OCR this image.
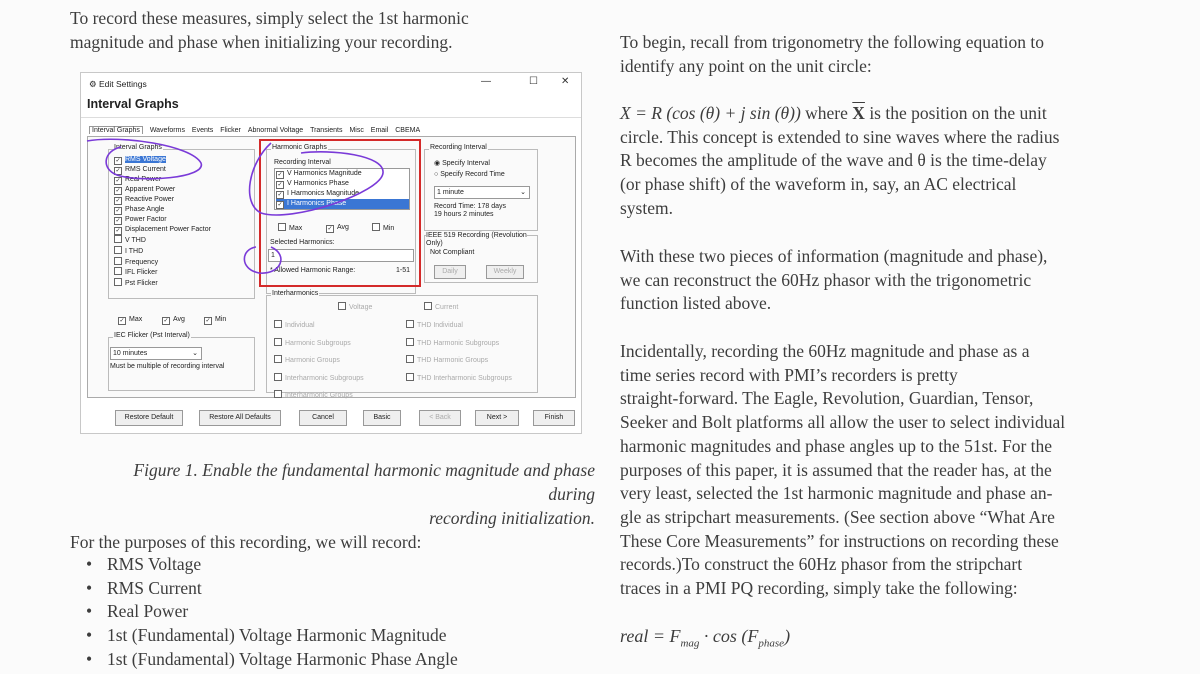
To record these measures, simply select the 1st harmonic
magnitude and phase when initializing your recording.
⚙ Edit Settings	—	☐ ✕
Interval Graphs
Interval Graphs Waveforms Events Flicker Abnormal Voltage Transients Misc Email CBEMA
Interval Graphs
✓ RMS Voltage
✓ RMS Current
✓ Real Power
✓ Apparent Power
✓ Reactive Power
✓ Phase Angle
✓ Power Factor
✓ Displacement Power Factor
V THD
I THD
Frequency
IFL Flicker
Pst Flicker
Harmonic Graphs
Recording Interval
✓ V Harmonics Magnitude
✓ V Harmonics Phase
✓ I Harmonics Magnitude
✓ I Harmonics Phase
Max	✓ Avg	Min
Selected Harmonics:
1
* Allowed Harmonic Range:	1-51
Recording Interval
◉ Specify Interval
○ Specify Record Time
1 minute	⌄
Record Time: 178 days
19 hours 2 minutes
IEEE 519 Recording (Revolution
Only)
Not Compliant
Daily	Weekly
Interharmonics
Voltage	Current
Individual
Harmonic Subgroups
Harmonic Groups
Interharmonic Subgroups
Interharmonic Groups
THD Individual
THD Harmonic Subgroups
THD Harmonic Groups
THD Interharmonic Subgroups
✓ Max	✓ Avg	✓ Min
IEC Flicker (Pst Interval)
10 minutes	⌄
Must be multiple of recording interval
Restore Default	Restore All Defaults	Cancel	Basic	< Back	Next >	Finish
Figure 1. Enable the fundamental harmonic magnitude and phase during
recording initialization.
For the purposes of this recording, we will record:
• RMS Voltage
• RMS Current
• Real Power
• 1st (Fundamental) Voltage Harmonic Magnitude
• 1st (Fundamental) Voltage Harmonic Phase Angle
To begin, recall from trigonometry the following equation to
identify any point on the unit circle:
X = R (cos (θ) + j sin (θ)) where $\overline{X}$ is the position on the unit
circle. This concept is extended to sine waves where the radius
R becomes the amplitude of the wave and θ is the time-delay
(or phase shift) of the waveform in, say, an AC electrical
system.
With these two pieces of information (magnitude and phase),
we can reconstruct the 60Hz phasor with the trigonometric
function listed above.
Incidentally, recording the 60Hz magnitude and phase as a
time series record with PMI’s recorders is pretty
straight-forward. The Eagle, Revolution, Guardian, Tensor,
Seeker and Bolt platforms all allow the user to select individual
harmonic magnitudes and phase angles up to the 51st. For the
purposes of this paper, it is assumed that the reader has, at the
very least, selected the 1st harmonic magnitude and phase an-
gle as stripchart measurements. (See section above “What Are
These Core Measurements” for instructions on recording these
records.)To construct the 60Hz phasor from the stripchart
traces in a PMI PQ recording, simply take the following:
real = $F_{mag} \cdot \cos (F_{phase})$
